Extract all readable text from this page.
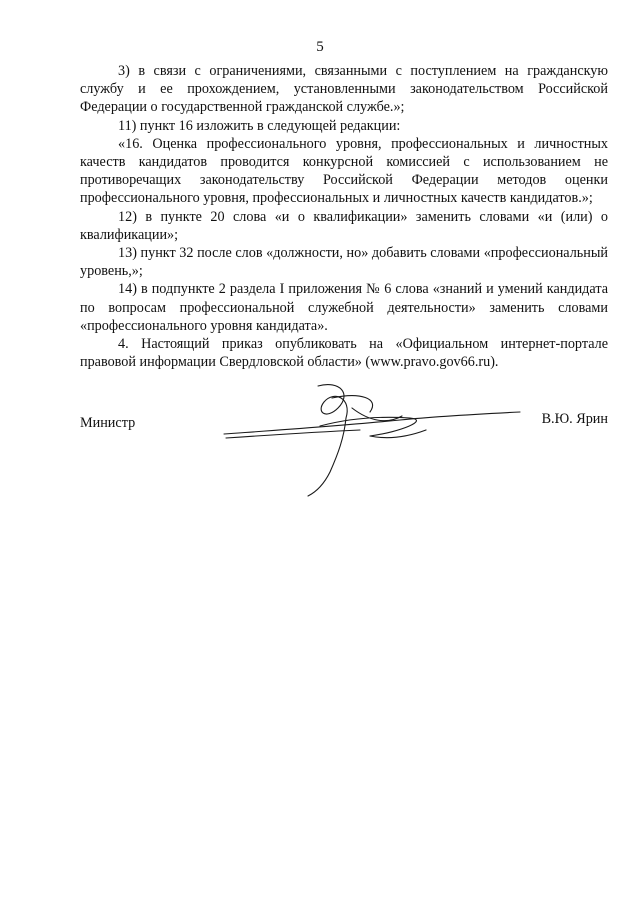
5

3) в связи с ограничениями, связанными с поступлением на гражданскую службу и ее прохождением, установленными законодательством Российской Федерации о государственной гражданской службе.»;

11) пункт 16 изложить в следующей редакции:

«16. Оценка профессионального уровня, профессиональных и личностных качеств кандидатов проводится конкурсной комиссией с использованием не противоречащих законодательству Российской Федерации методов оценки профессионального уровня, профессиональных и личностных качеств кандидатов.»;

12) в пункте 20 слова «и о квалификации» заменить словами «и (или) о квалификации»;

13) пункт 32 после слов «должности, но» добавить словами «профессиональный уровень,»;

14) в подпункте 2 раздела I приложения № 6 слова «знаний и умений кандидата по вопросам профессиональной служебной деятельности» заменить словами «профессионального уровня кандидата».

4. Настоящий приказ опубликовать на «Официальном интернет-портале правовой информации Свердловской области» (www.pravo.gov66.ru).

Министр	В.Ю. Ярин
